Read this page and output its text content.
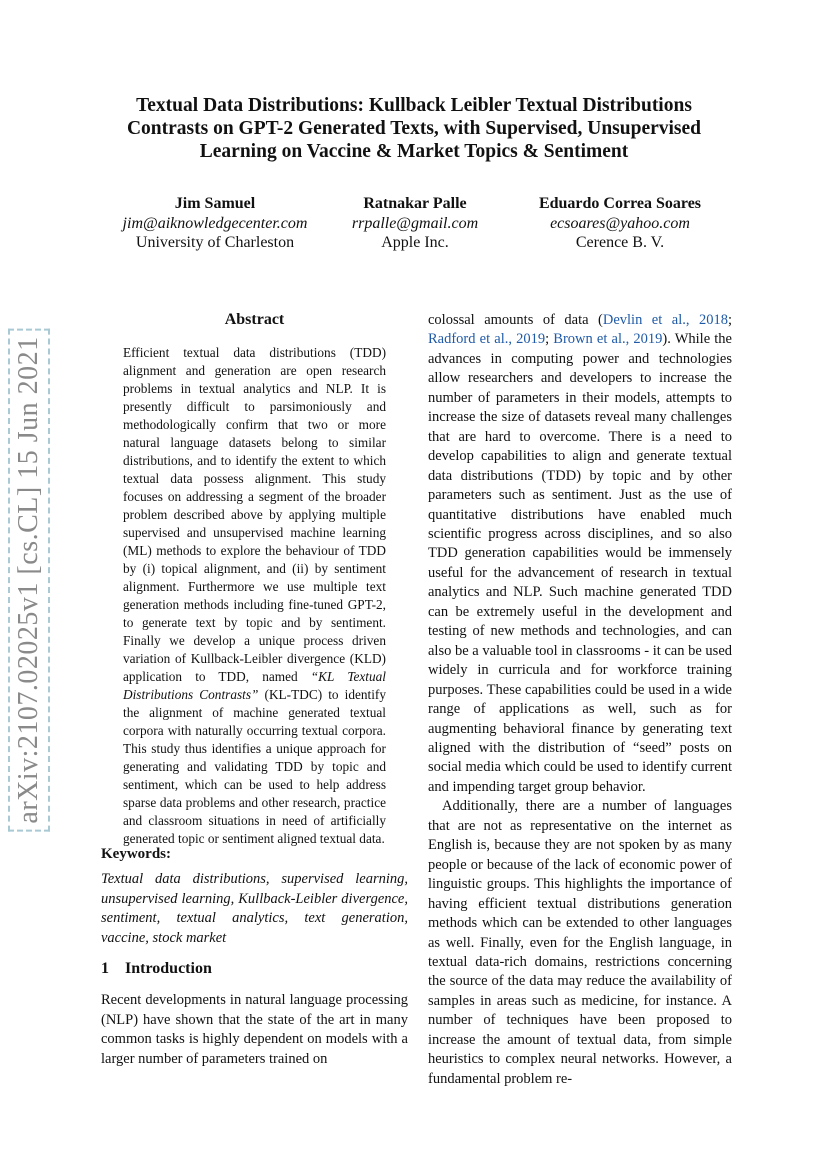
arXiv:2107.02025v1 [cs.CL] 15 Jun 2021
Textual Data Distributions: Kullback Leibler Textual Distributions Contrasts on GPT-2 Generated Texts, with Supervised, Unsupervised Learning on Vaccine & Market Topics & Sentiment
Jim Samuel
jim@aiknowledgecenter.com
University of Charleston
Ratnakar Palle
rrpalle@gmail.com
Apple Inc.
Eduardo Correa Soares
ecsoares@yahoo.com
Cerence B. V.
Abstract
Efficient textual data distributions (TDD) alignment and generation are open research problems in textual analytics and NLP. It is presently difficult to parsimoniously and methodologically confirm that two or more natural language datasets belong to similar distributions, and to identify the extent to which textual data possess alignment. This study focuses on addressing a segment of the broader problem described above by applying multiple supervised and unsupervised machine learning (ML) methods to explore the behaviour of TDD by (i) topical alignment, and (ii) by sentiment alignment. Furthermore we use multiple text generation methods including fine-tuned GPT-2, to generate text by topic and by sentiment. Finally we develop a unique process driven variation of Kullback-Leibler divergence (KLD) application to TDD, named “KL Textual Distributions Contrasts” (KL-TDC) to identify the alignment of machine generated textual corpora with naturally occurring textual corpora. This study thus identifies a unique approach for generating and validating TDD by topic and sentiment, which can be used to help address sparse data problems and other research, practice and classroom situations in need of artificially generated topic or sentiment aligned textual data.
Keywords:
Textual data distributions, supervised learning, unsupervised learning, Kullback-Leibler divergence, sentiment, textual analytics, text generation, vaccine, stock market
1 Introduction
Recent developments in natural language processing (NLP) have shown that the state of the art in many common tasks is highly dependent on models with a larger number of parameters trained on

colossal amounts of data (Devlin et al., 2018; Radford et al., 2019; Brown et al., 2019). While the advances in computing power and technologies allow researchers and developers to increase the number of parameters in their models, attempts to increase the size of datasets reveal many challenges that are hard to overcome. There is a need to develop capabilities to align and generate textual data distributions (TDD) by topic and by other parameters such as sentiment. Just as the use of quantitative distributions have enabled much scientific progress across disciplines, and so also TDD generation capabilities would be immensely useful for the advancement of research in textual analytics and NLP. Such machine generated TDD can be extremely useful in the development and testing of new methods and technologies, and can also be a valuable tool in classrooms - it can be used widely in curricula and for workforce training purposes. These capabilities could be used in a wide range of applications as well, such as for augmenting behavioral finance by generating text aligned with the distribution of “seed” posts on social media which could be used to identify current and impending target group behavior.

Additionally, there are a number of languages that are not as representative on the internet as English is, because they are not spoken by as many people or because of the lack of economic power of linguistic groups. This highlights the importance of having efficient textual distributions generation methods which can be extended to other languages as well. Finally, even for the English language, in textual data-rich domains, restrictions concerning the source of the data may reduce the availability of samples in areas such as medicine, for instance. A number of techniques have been proposed to increase the amount of textual data, from simple heuristics to complex neural networks. However, a fundamental problem re-
